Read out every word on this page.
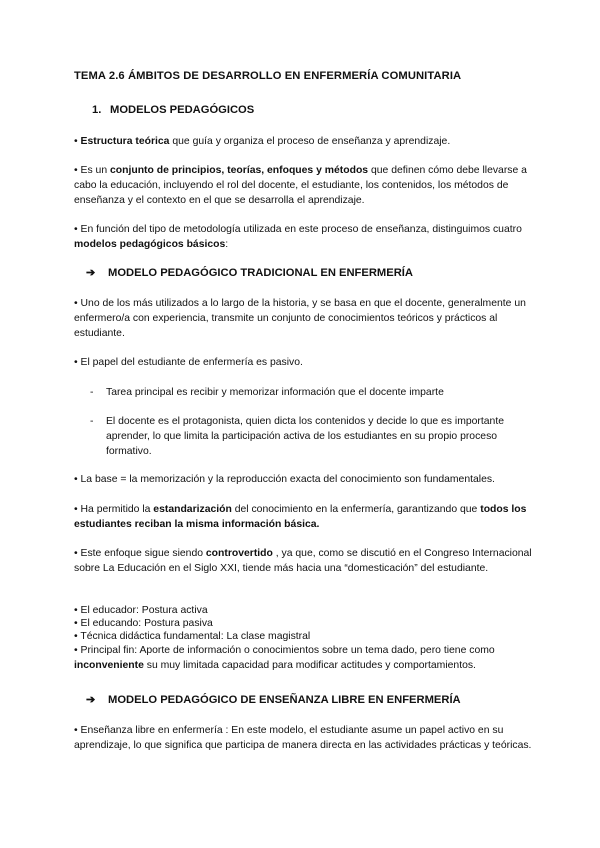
TEMA 2.6 ÁMBITOS DE DESARROLLO EN ENFERMERÍA COMUNITARIA
1. MODELOS PEDAGÓGICOS
• Estructura teórica que guía y organiza el proceso de enseñanza y aprendizaje.
• Es un conjunto de principios, teorías, enfoques y métodos que definen cómo debe llevarse a cabo la educación, incluyendo el rol del docente, el estudiante, los contenidos, los métodos de enseñanza y el contexto en el que se desarrolla el aprendizaje.
• En función del tipo de metodología utilizada en este proceso de enseñanza, distinguimos cuatro modelos pedagógicos básicos:
➔ MODELO PEDAGÓGICO TRADICIONAL EN ENFERMERÍA
• Uno de los más utilizados a lo largo de la historia, y se basa en que el docente, generalmente un enfermero/a con experiencia, transmite un conjunto de conocimientos teóricos y prácticos al estudiante.
• El papel del estudiante de enfermería es pasivo.
-	Tarea principal es recibir y memorizar información que el docente imparte
-	El docente es el protagonista, quien dicta los contenidos y decide lo que es importante aprender, lo que limita la participación activa de los estudiantes en su propio proceso formativo.
• La base = la memorización y la reproducción exacta del conocimiento son fundamentales.
• Ha permitido la estandarización del conocimiento en la enfermería, garantizando que todos los estudiantes reciban la misma información básica.
• Este enfoque sigue siendo controvertido , ya que, como se discutió en el Congreso Internacional sobre La Educación en el Siglo XXI, tiende más hacia una “domesticación” del estudiante.
• El educador: Postura activa
• El educando: Postura pasiva
• Técnica didáctica fundamental: La clase magistral
• Principal fin: Aporte de información o conocimientos sobre un tema dado, pero tiene como inconveniente su muy limitada capacidad para modificar actitudes y comportamientos.
➔ MODELO PEDAGÓGICO DE ENSEÑANZA LIBRE EN ENFERMERÍA
• Enseñanza libre en enfermería : En este modelo, el estudiante asume un papel activo en su aprendizaje, lo que significa que participa de manera directa en las actividades prácticas y teóricas.
